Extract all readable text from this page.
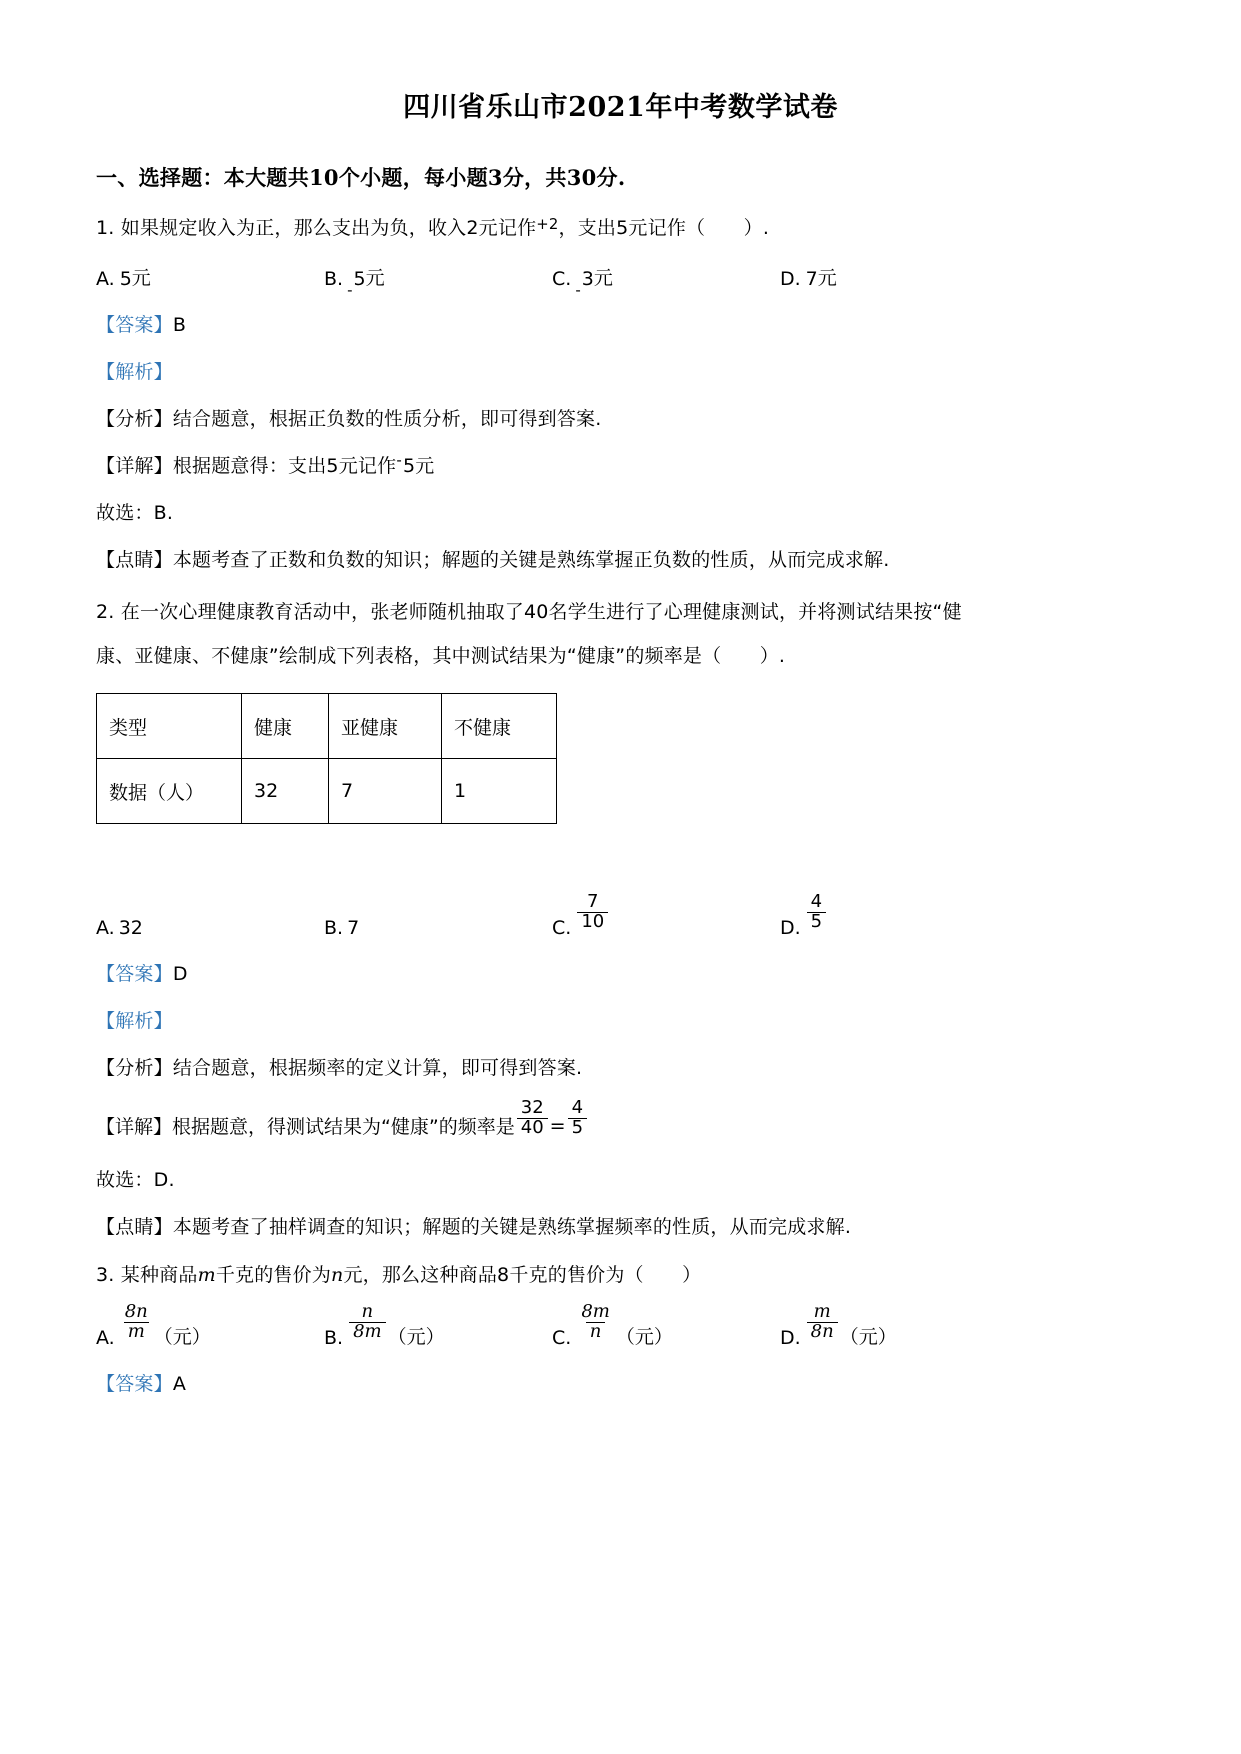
四川省乐山市2021年中考数学试卷
一、选择题：本大题共10个小题，每小题3分，共30分.
1. 如果规定收入为正，那么支出为负，收入2元记作+2，支出5元记作（　　）.
A. 5 元	B. - 5 元	C. - 3 元	D. 7 元
【答案】B
【解析】
【分析】结合题意，根据正负数的性质分析，即可得到答案.
【详解】根据题意得：支出5元记作-5元
故选：B.
【点睛】本题考查了正数和负数的知识；解题的关键是熟练掌握正负数的性质，从而完成求解.
2. 在一次心理健康教育活动中，张老师随机抽取了40名学生进行了心理健康测试，并将测试结果按“健
康、亚健康、不健康”绘制成下列表格，其中测试结果为“健康”的频率是（　　）.
类型	健康	亚健康	不健康
数据（人）	32	7	1
A. 32	B. 7	C. $\frac{7}{10}$	D. $\frac{4}{5}$
【答案】D
【解析】
【分析】结合题意，根据频率的定义计算，即可得到答案.
【详解】 根据题意，得测试结果为“健康”的频率是 $\frac{32}{40} = \frac{4}{5}$
故选：D.
【点睛】本题考查了抽样调查的知识；解题的关键是熟练掌握频率的性质，从而完成求解.
3. 某种商品m千克的售价为n元，那么这种商品8千克的售价为（　　）
A. $\frac{8n}{m}$ （元）	B. $\frac{n}{8m}$ （元）	C. $\frac{8m}{n}$ （元）	D. $\frac{m}{8n}$ （元）
【答案】A
